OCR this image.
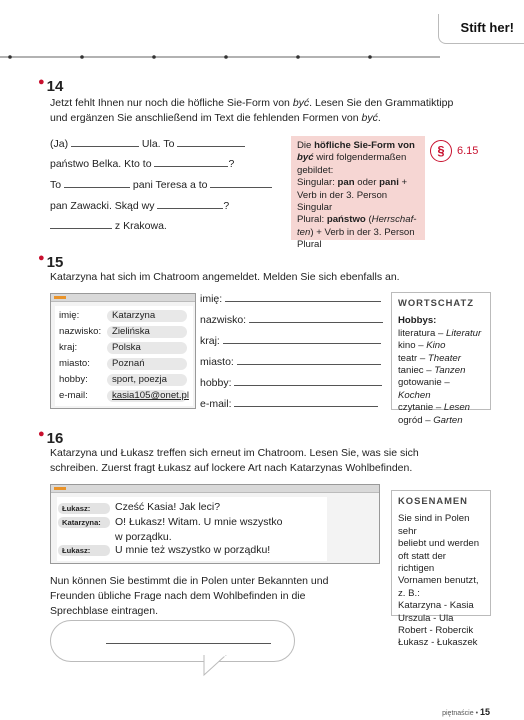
Stift her!
● 14
Jetzt fehlt Ihnen nur noch die höfliche Sie-Form von być. Lesen Sie den Grammatiktipp
und ergänzen Sie anschließend im Text die fehlenden Formen von być.
(Ja)	Ula. To
państwo Belka. Kto to	?
To	pani Teresa a to
pan Zawacki. Skąd wy	?
z Krakowa.
Die höfliche Sie-Form von
być wird folgendermaßen gebildet:
Singular: pan oder pani + Verb in der 3. Person Singular
Plural: państwo (Herrschaf-ten) + Verb in der 3. Person Plural
§	6.15
● 15
Katarzyna hat sich im Chatroom angemeldet. Melden Sie sich ebenfalls an.
imię:	Katarzyna
nazwisko:	Zielińska
kraj:	Polska
miasto:	Poznań
hobby:	sport, poezja
e-mail:	kasia105@onet.pl
imię:
nazwisko:
kraj:
miasto:
hobby:
e-mail:
WORTSCHATZ
Hobbys:
literatura – Literatur
kino – Kino
teatr – Theater
taniec – Tanzen
gotowanie – Kochen
czytanie – Lesen
ogród – Garten
● 16
Katarzyna und Łukasz treffen sich erneut im Chatroom. Lesen Sie, was sie sich
schreiben. Zuerst fragt Łukasz auf lockere Art nach Katarzynas Wohlbefinden.
Łukasz:	Cześć Kasia! Jak leci?
Katarzyna:	O! Łukasz! Witam. U mnie wszystko
w porządku.
Łukasz:	U mnie też wszystko w porządku!
Nun können Sie bestimmt die in Polen unter Bekannten und
Freunden übliche Frage nach dem Wohlbefinden in die
Sprechblase eintragen.
KOSENAMEN
Sie sind in Polen sehr
beliebt und werden
oft statt der richtigen
Vornamen benutzt,
z. B.:
Katarzyna - Kasia
Urszula - Ula
Robert - Robercik
Łukasz - Łukaszek
piętnaście • 15
